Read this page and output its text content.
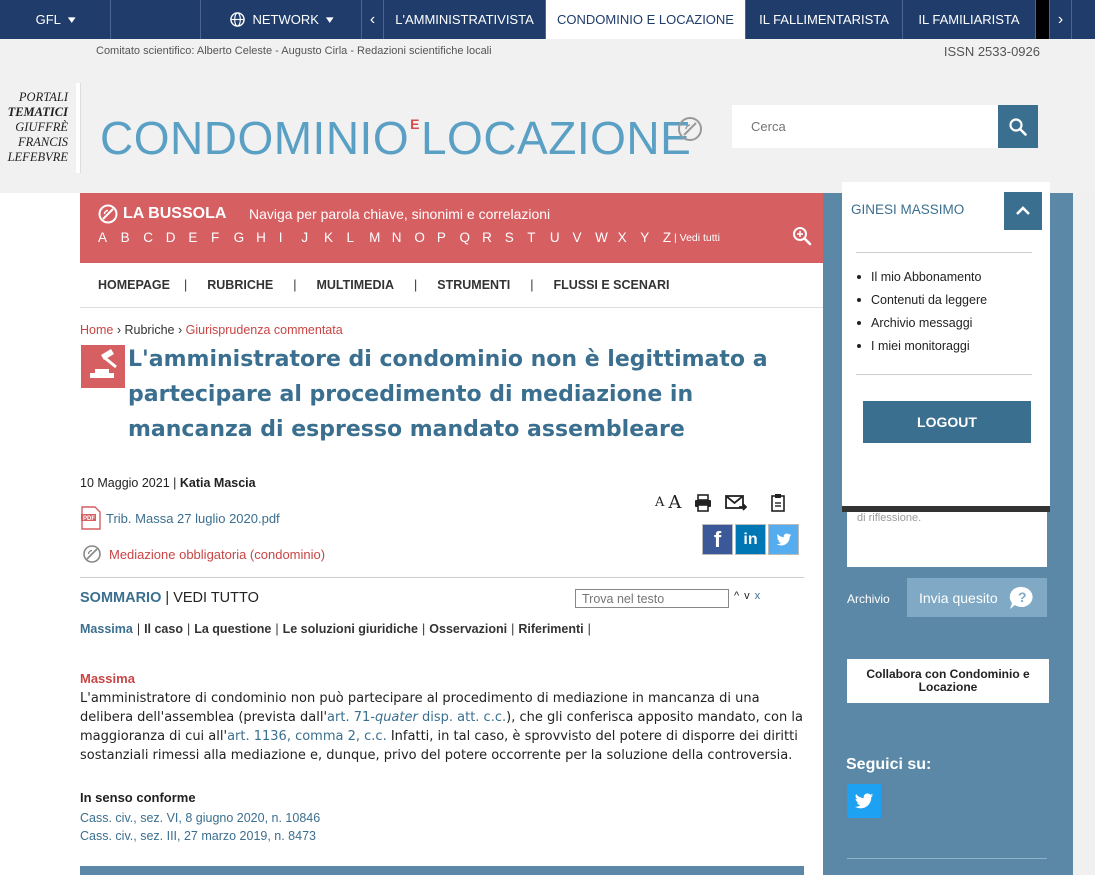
GFL ▾	NETWORK ▾	‹	L'AMMINISTRATIVISTA	CONDOMINIO E LOCAZIONE	IL FALLIMENTARISTA	IL FAMILIARISTA	›
Comitato scientifico: Alberto Celeste - Augusto Cirla - Redazioni scientifiche locali	ISSN 2533-0926
PORTALI
TEMATICI
GIUFFRÈ
FRANCIS
LEFEBVRE CONDOMINIO E LOCAZIONE
Cerca
LA BUSSOLA Naviga per parola chiave, sinonimi e correlazioni
A	B	C D E	F	G H I	J	K	L	M N O P	Q R S	T	U V	W X	Y	Z | Vedi tutti
HOMEPAGE	|	RUBRICHE	|	MULTIMEDIA	|	STRUMENTI	|	FLUSSI E SCENARI
Home › Rubriche › Giurisprudenza commentata
L'amministratore di condominio non è legittimato a partecipare al procedimento di mediazione in mancanza di espresso mandato assembleare
10 Maggio 2021 | Katia Mascia
PDF Trib. Massa 27 luglio 2020.pdf
Mediazione obbligatoria (condominio)
A A
f	in
SOMMARIO | VEDI TUTTO
Trova nel testo	^vx
Massima | Il caso | La questione | Le soluzioni giuridiche | Osservazioni | Riferimenti |
Massima

L'amministratore di condominio non può partecipare al procedimento di mediazione in mancanza di una delibera dell'assemblea (prevista dall'art. 71-quater disp. att. c.c.), che gli conferisca apposito mandato, con la maggioranza di cui all'art. 1136, comma 2, c.c. Infatti, in tal caso, è sprovvisto del potere di disporre dei diritti sostanziali rimessi alla mediazione e, dunque, privo del potere occorrente per la soluzione della controversia.

In senso conforme
Cass. civ., sez. VI, 8 giugno 2020, n. 10846
Cass. civ., sez. III, 27 marzo 2019, n. 8473
di riflessione.
Archivio Invia quesito ?
Collabora con Condominio e Locazione
Seguici su:
GINESI MASSIMO
Il mio Abbonamento
Contenuti da leggere
Archivio messaggi
I miei monitoraggi
LOGOUT
